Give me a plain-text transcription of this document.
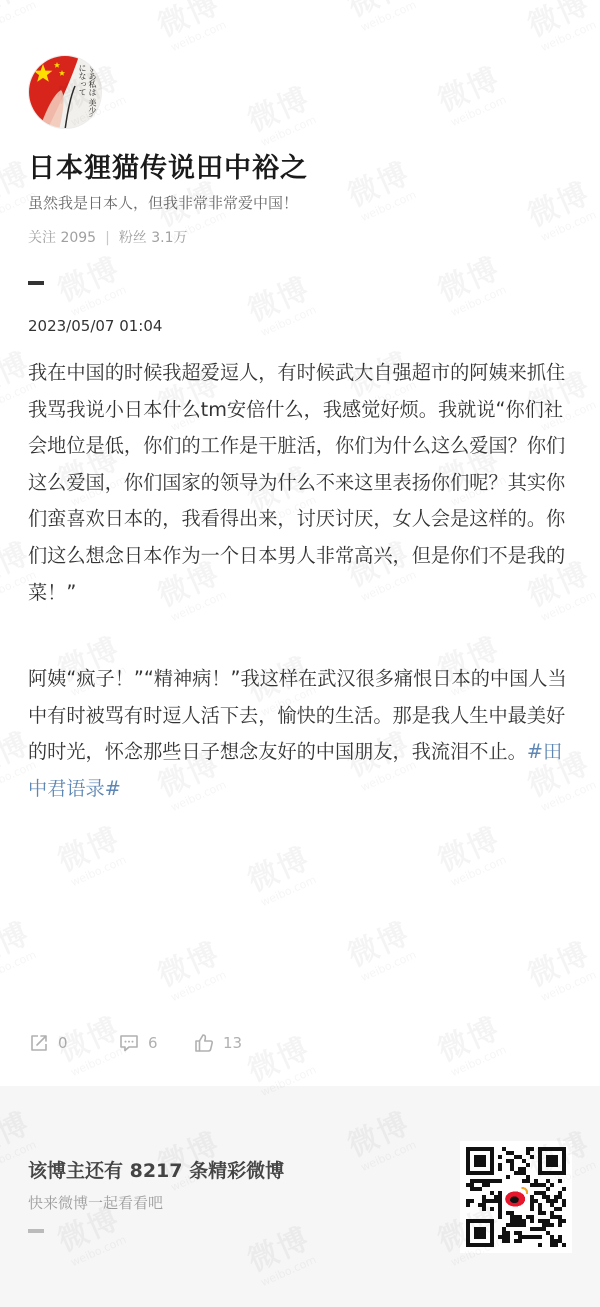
まあ私は 美少女になって
日本狸猫传说田中裕之
虽然我是日本人，但我非常非常爱中国！
关注 2095 | 粉丝 3.1万
2023/05/07 01:04
我在中国的时候我超爱逗人，有时候武大自强超市的阿姨来抓住我骂我说小日本什么tm安倍什么，我感觉好烦。我就说“你们社会地位是低，你们的工作是干脏活，你们为什么这么爱国？你们这么爱国，你们国家的领导为什么不来这里表扬你们呢？其实你们蛮喜欢日本的，我看得出来，讨厌讨厌，女人会是这样的。你们这么想念日本作为一个日本男人非常高兴，但是你们不是我的菜！”
阿姨“疯子！”“精神病！”我这样在武汉很多痛恨日本的中国人当中有时被骂有时逗人活下去，愉快的生活。那是我人生中最美好的时光，怀念那些日子想念友好的中国朋友，我流泪不止。#田中君语录#
0	6	13
该博主还有 8217 条精彩微博
快来微博一起看看吧
